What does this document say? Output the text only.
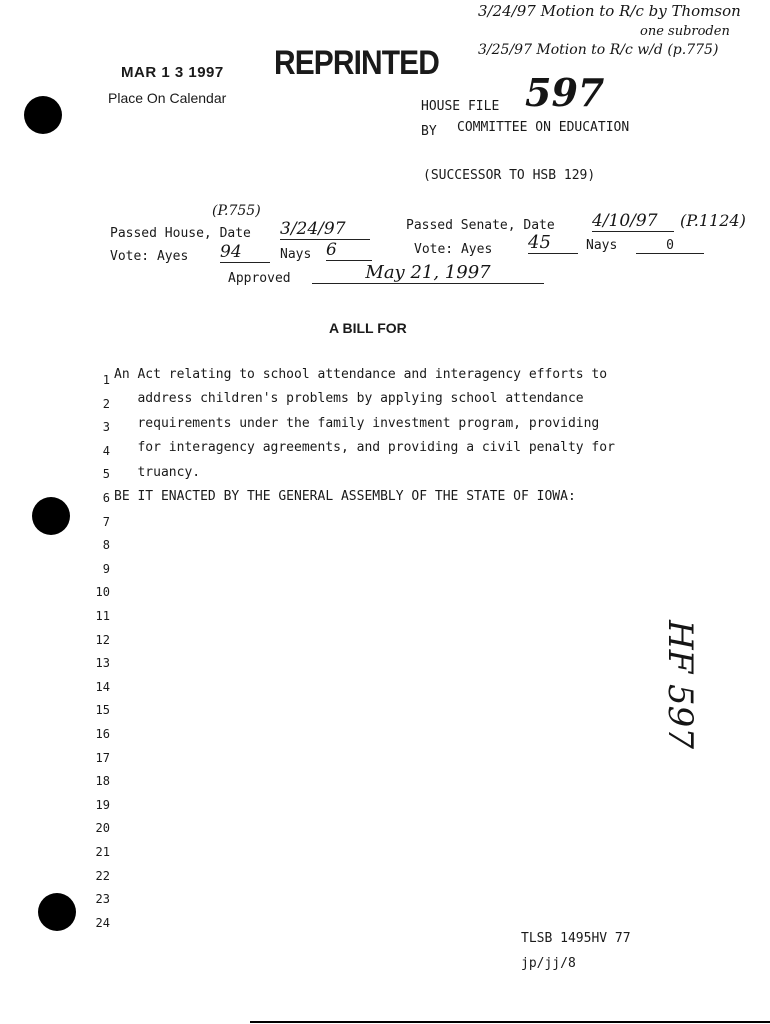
3/24/97 Motion to R/c by Thomson
one subroden
3/25/97 Motion to R/c w/d (p.775)
MAR 1 3 1997
Place On Calendar
REPRINTED
HOUSE FILE 597
BY COMMITTEE ON EDUCATION
(SUCCESSOR TO HSB 129)
(P.755)
Passed House, Date 3/24/97	Passed Senate, Date 4/10/97	(P.1124)
Vote: Ayes 94	Nays 6	Vote: Ayes 45	Nays	0
Approved	May 21, 1997
A BILL FOR
1 An Act relating to school attendance and interagency efforts to
2 address children's problems by applying school attendance
3 requirements under the family investment program, providing
4 for interagency agreements, and providing a civil penalty for
5 truancy.
6 BE IT ENACTED BY THE GENERAL ASSEMBLY OF THE STATE OF IOWA:
7
8
9
10
11
12
13
14
15
16
17
18
19
20
21
22
23
24
HF 597
TLSB 1495HV 77
jp/jj/8
